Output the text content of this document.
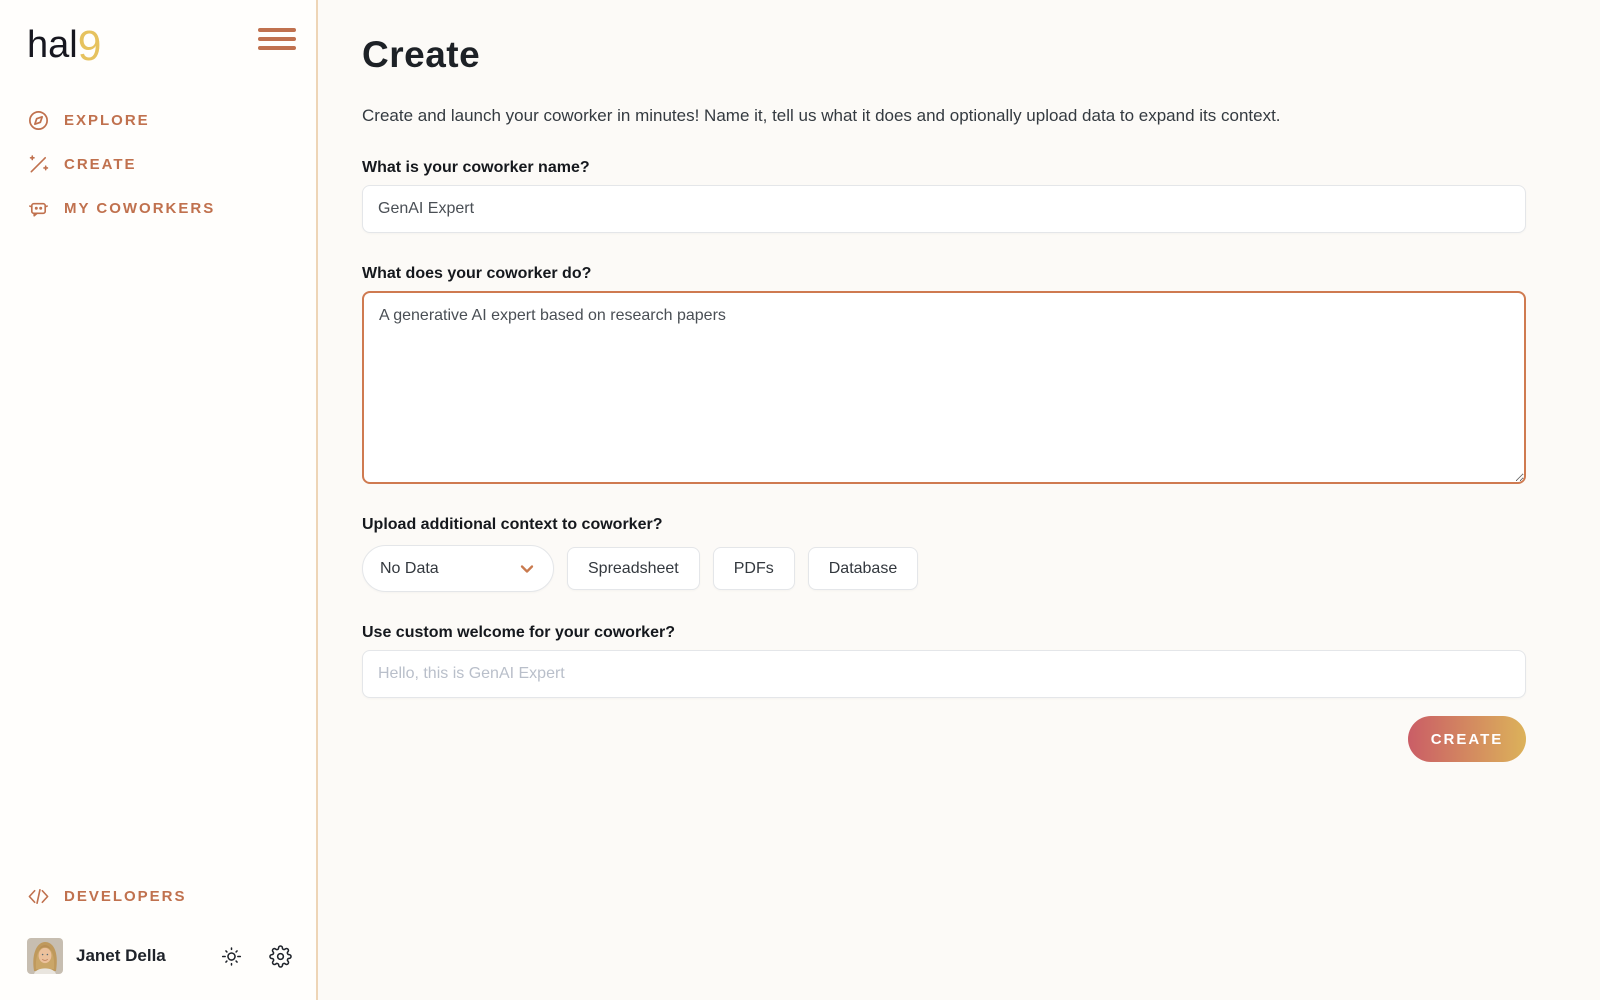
hal9
EXPLORE
CREATE
MY COWORKERS
DEVELOPERS
Janet Della
Create

Create and launch your coworker in minutes! Name it, tell us what it does and optionally upload data to expand its context.

What is your coworker name?

GenAI Expert

What does your coworker do?

A generative AI expert based on research papers

Upload additional context to coworker?

No Data	Spreadsheet	PDFs	Database

Use custom welcome for your coworker?

Hello, this is GenAI Expert
CREATE
